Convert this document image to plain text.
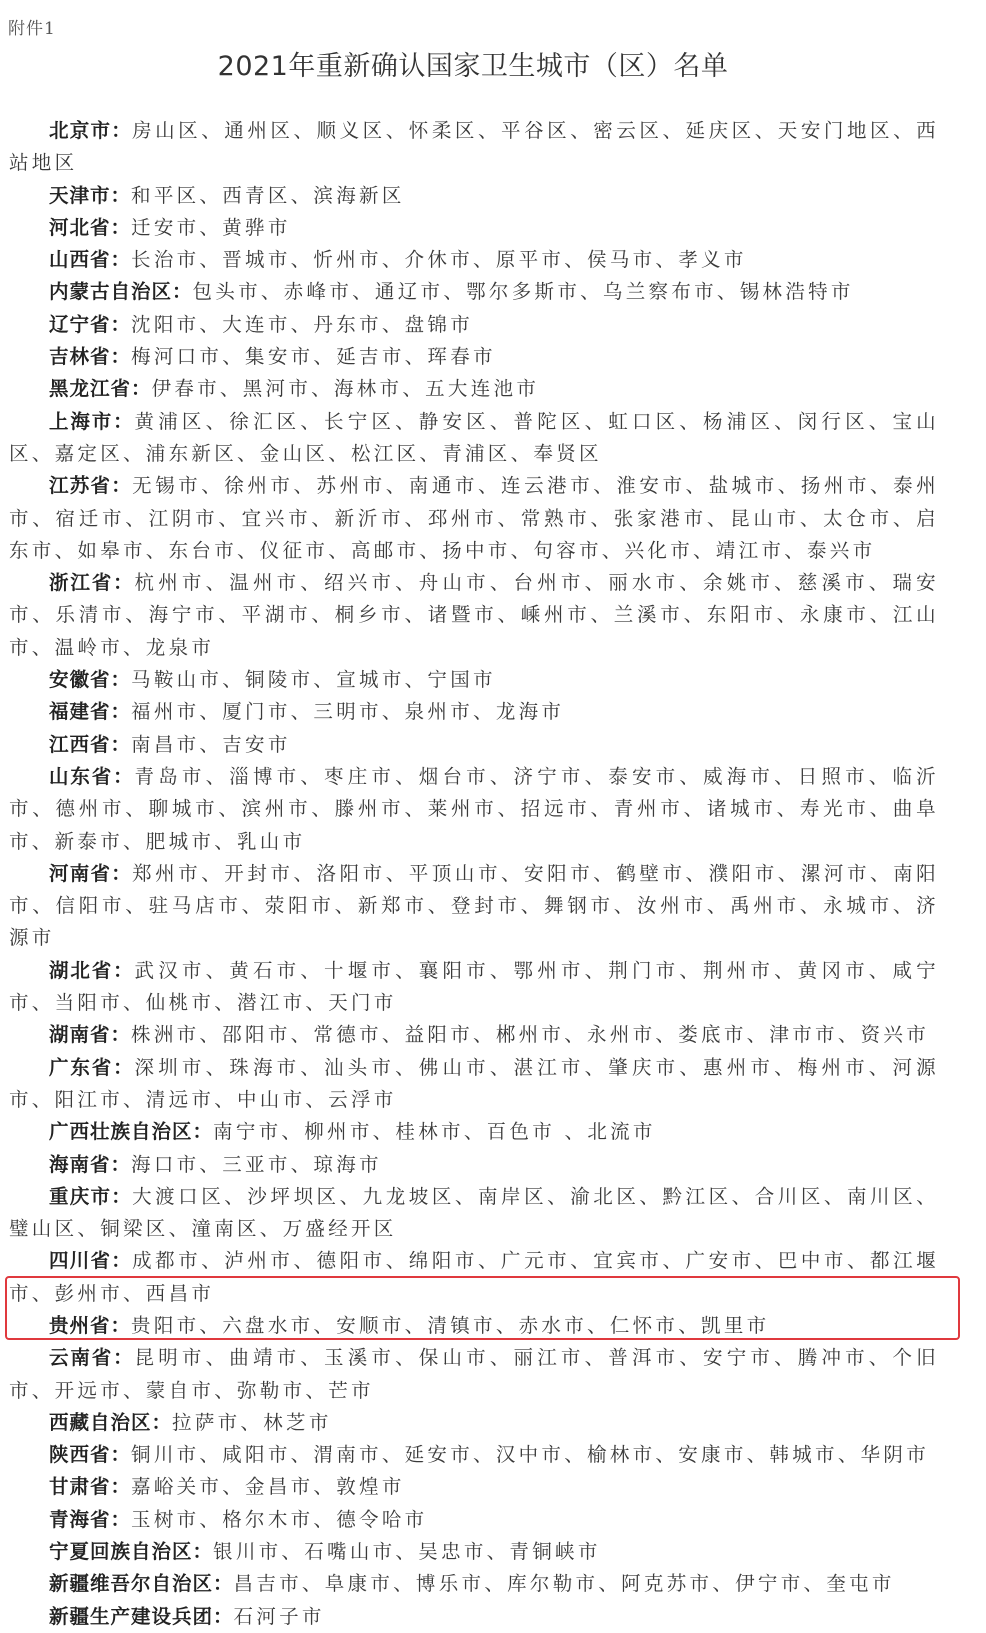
附件1
2021年重新确认国家卫生城市（区）名单

北京市：房山区、通州区、顺义区、怀柔区、平谷区、密云区、延庆区、天安门地区、西站地区

天津市：和平区、西青区、滨海新区

河北省：迁安市、黄骅市

山西省：长治市、晋城市、忻州市、介休市、原平市、侯马市、孝义市

内蒙古自治区：包头市、赤峰市、通辽市、鄂尔多斯市、乌兰察布市、锡林浩特市

辽宁省：沈阳市、大连市、丹东市、盘锦市

吉林省：梅河口市、集安市、延吉市、珲春市

黑龙江省：伊春市、黑河市、海林市、五大连池市

上海市：黄浦区、徐汇区、长宁区、静安区、普陀区、虹口区、杨浦区、闵行区、宝山区、嘉定区、浦东新区、金山区、松江区、青浦区、奉贤区

江苏省：无锡市、徐州市、苏州市、南通市、连云港市、淮安市、盐城市、扬州市、泰州市、宿迁市、江阴市、宜兴市、新沂市、邳州市、常熟市、张家港市、昆山市、太仓市、启东市、如皋市、东台市、仪征市、高邮市、扬中市、句容市、兴化市、靖江市、泰兴市

浙江省：杭州市、温州市、绍兴市、舟山市、台州市、丽水市、余姚市、慈溪市、瑞安市、乐清市、海宁市、平湖市、桐乡市、诸暨市、嵊州市、兰溪市、东阳市、永康市、江山市、温岭市、龙泉市

安徽省：马鞍山市、铜陵市、宣城市、宁国市

福建省：福州市、厦门市、三明市、泉州市、龙海市

江西省：南昌市、吉安市

山东省：青岛市、淄博市、枣庄市、烟台市、济宁市、泰安市、威海市、日照市、临沂市、德州市、聊城市、滨州市、滕州市、莱州市、招远市、青州市、诸城市、寿光市、曲阜市、新泰市、肥城市、乳山市

河南省：郑州市、开封市、洛阳市、平顶山市、安阳市、鹤壁市、濮阳市、漯河市、南阳市、信阳市、驻马店市、荥阳市、新郑市、登封市、舞钢市、汝州市、禹州市、永城市、济源市

湖北省：武汉市、黄石市、十堰市、襄阳市、鄂州市、荆门市、荆州市、黄冈市、咸宁市、当阳市、仙桃市、潜江市、天门市

湖南省：株洲市、邵阳市、常德市、益阳市、郴州市、永州市、娄底市、津市市、资兴市

广东省：深圳市、珠海市、汕头市、佛山市、湛江市、肇庆市、惠州市、梅州市、河源市、阳江市、清远市、中山市、云浮市

广西壮族自治区：南宁市、柳州市、桂林市、百色市 、北流市

海南省：海口市、三亚市、琼海市

重庆市：大渡口区、沙坪坝区、九龙坡区、南岸区、渝北区、黔江区、合川区、南川区、璧山区、铜梁区、潼南区、万盛经开区

四川省：成都市、泸州市、德阳市、绵阳市、广元市、宜宾市、广安市、巴中市、都江堰市、彭州市、西昌市

贵州省：贵阳市、六盘水市、安顺市、清镇市、赤水市、仁怀市、凯里市

云南省：昆明市、曲靖市、玉溪市、保山市、丽江市、普洱市、安宁市、腾冲市、个旧市、开远市、蒙自市、弥勒市、芒市

西藏自治区：拉萨市、林芝市

陕西省：铜川市、咸阳市、渭南市、延安市、汉中市、榆林市、安康市、韩城市、华阴市

甘肃省：嘉峪关市、金昌市、敦煌市

青海省：玉树市、格尔木市、德令哈市

宁夏回族自治区：银川市、石嘴山市、吴忠市、青铜峡市

新疆维吾尔自治区：昌吉市、阜康市、博乐市、库尔勒市、阿克苏市、伊宁市、奎屯市

新疆生产建设兵团：石河子市
